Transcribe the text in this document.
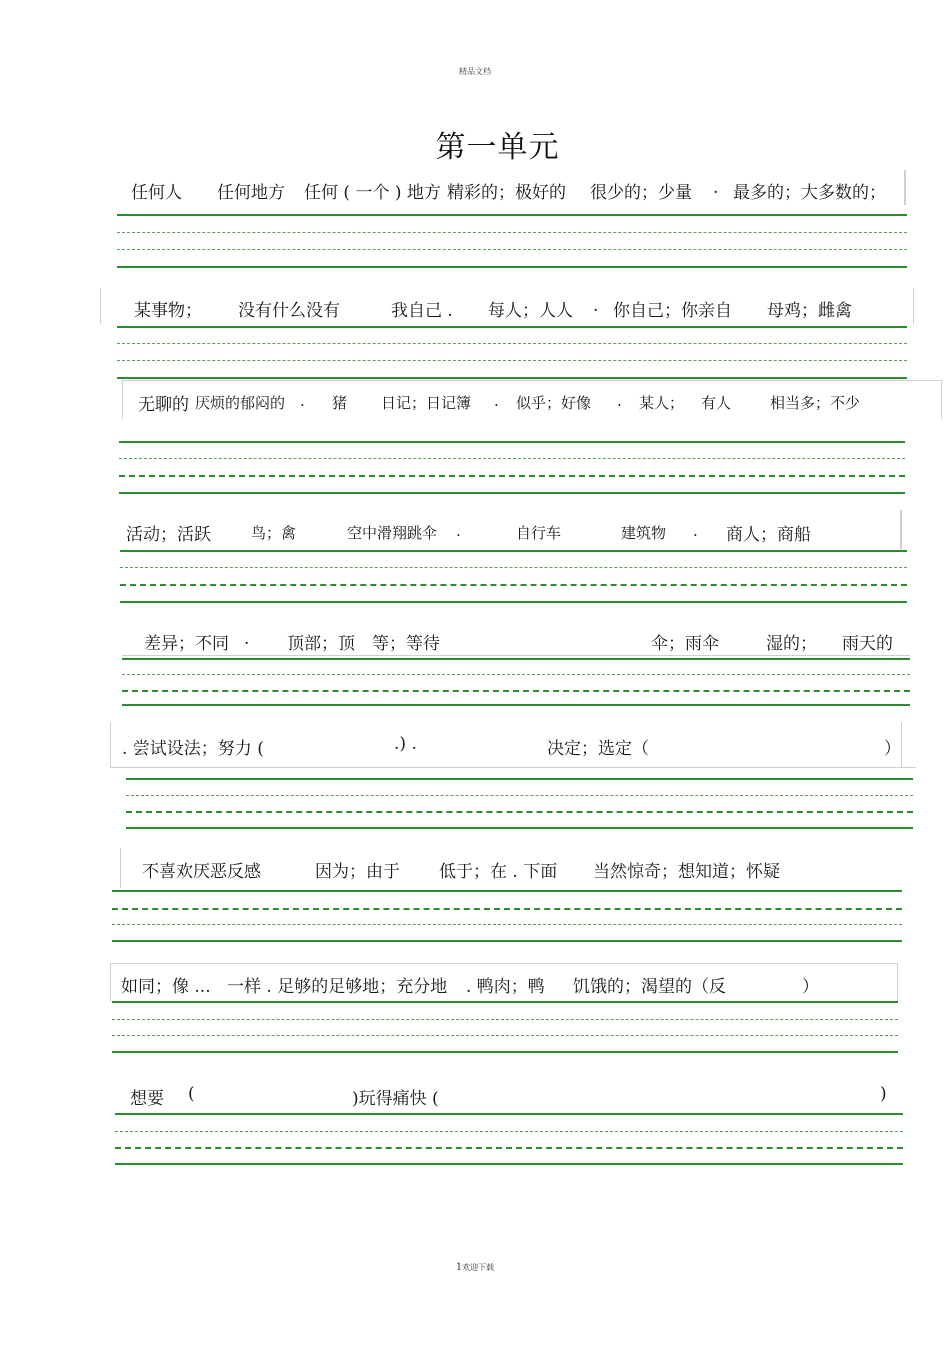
精品文档
第一单元
任何人 任何地方 任何 ( 一个 ) 地方 精彩的；极好的 很少的；少量 . 最多的；大多数的；
某事物； 没有什么没有	我自己 . 每人；人人 . 你自己；你亲自 母鸡；雌禽
无聊的 厌烦的郁闷的 . 猪 日记；日记簿 . 似乎；好像 . 某人； 有人	相当多；不少
活动；活跃	鸟；禽	空中滑翔跳伞 .	自行车	建筑物 . 商人；商船
差异；不同 . 顶部；顶 等；等待	伞；雨伞	湿的； 雨天的
. 尝试设法；努力 (	.) .	决定；选定（	）
不喜欢厌恶反感	因为；由于 低于；在 . 下面 当然惊奇；想知道；怀疑
如同；像 ... 一样 . 足够的足够地；充分地 . 鸭肉；鸭 饥饿的；渴望的（反	）
想要 (	)玩得痛快 (	)
1欢迎下载
